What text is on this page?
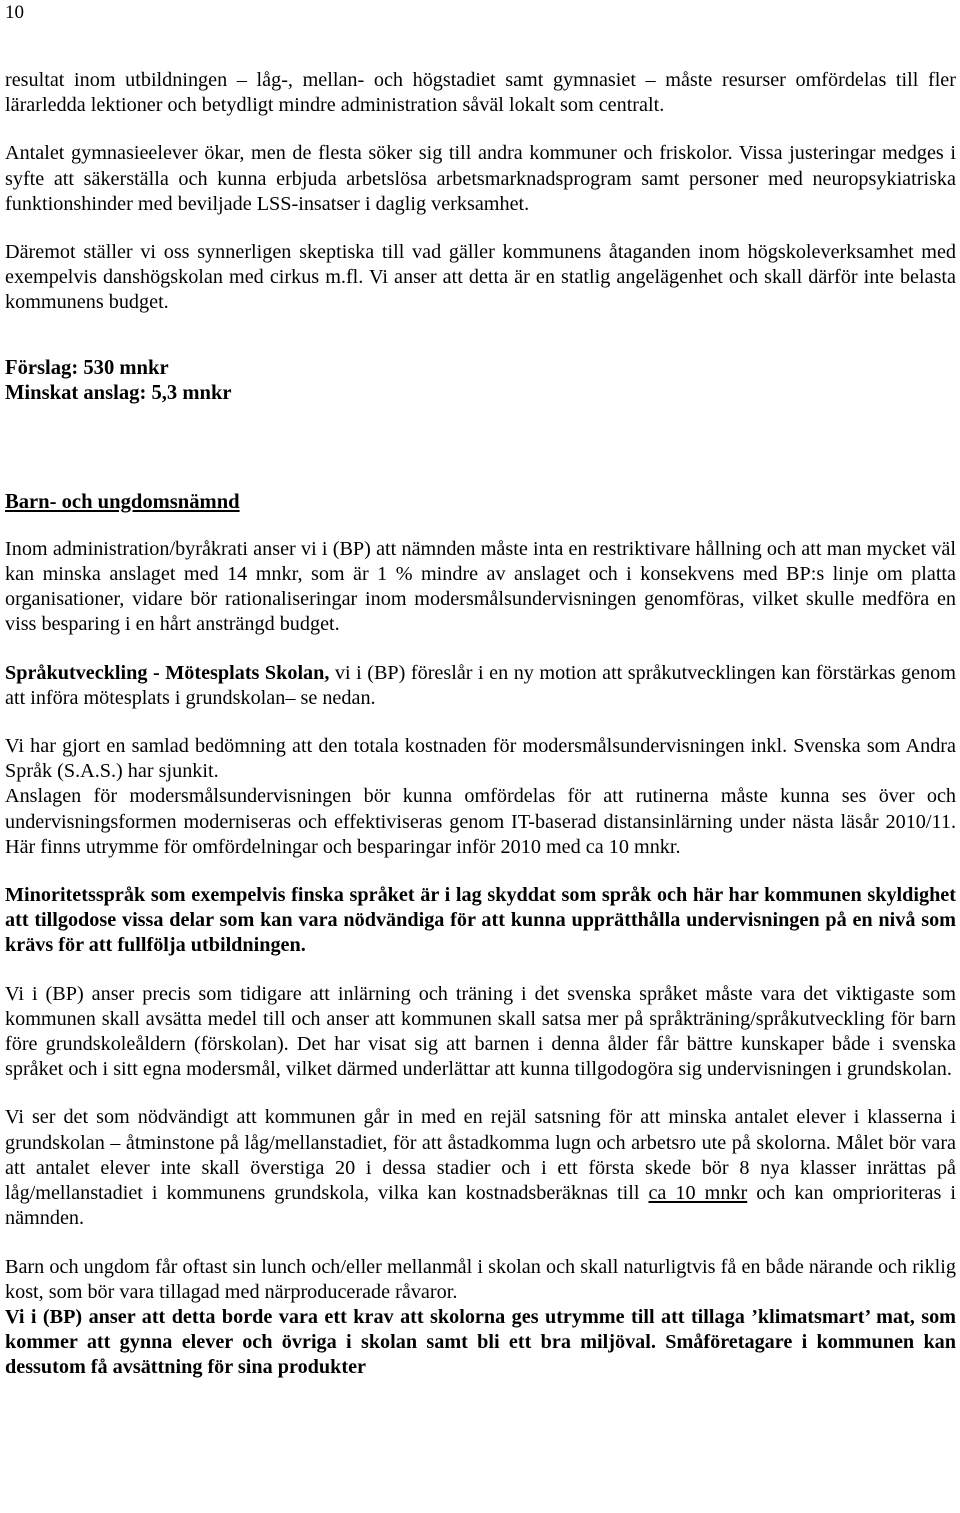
10

resultat inom utbildningen – låg-, mellan- och högstadiet samt gymnasiet – måste resurser omfördelas till fler lärarledda lektioner och betydligt mindre administration såväl lokalt som centralt.

Antalet gymnasieelever ökar, men de flesta söker sig till andra kommuner och friskolor. Vissa justeringar medges i syfte att säkerställa och kunna erbjuda arbetslösa arbetsmarknadsprogram samt personer med neuropsykiatriska funktionshinder med beviljade LSS-insatser i daglig verksamhet.

Däremot ställer vi oss synnerligen skeptiska till vad gäller kommunens åtaganden inom högskoleverksamhet med exempelvis danshögskolan med cirkus m.fl. Vi anser att detta är en statlig angelägenhet och skall därför inte belasta kommunens budget.

Förslag: 530 mnkr

Minskat anslag: 5,3 mnkr

Barn- och ungdomsnämnd

Inom administration/byråkrati anser vi i (BP) att nämnden måste inta en restriktivare hållning och att man mycket väl kan minska anslaget med 14 mnkr, som är 1 % mindre av anslaget och i konsekvens med BP:s linje om platta organisationer, vidare bör rationaliseringar inom modersmålsundervisningen genomföras, vilket skulle medföra en viss besparing i en hårt ansträngd budget.

Språkutveckling - Mötesplats Skolan, vi i (BP) föreslår i en ny motion att språkutvecklingen kan förstärkas genom att införa mötesplats i grundskolan– se nedan.

Vi har gjort en samlad bedömning att den totala kostnaden för modersmålsundervisningen inkl. Svenska som Andra Språk (S.A.S.) har sjunkit.

Anslagen för modersmålsundervisningen bör kunna omfördelas för att rutinerna måste kunna ses över och undervisningsformen moderniseras och effektiviseras genom IT-baserad distansinlärning under nästa läsår 2010/11. Här finns utrymme för omfördelningar och besparingar inför 2010 med ca 10 mnkr.

Minoritetsspråk som exempelvis finska språket är i lag skyddat som språk och här har kommunen skyldighet att tillgodose vissa delar som kan vara nödvändiga för att kunna upprätthålla undervisningen på en nivå som krävs för att fullfölja utbildningen.

Vi i (BP) anser precis som tidigare att inlärning och träning i det svenska språket måste vara det viktigaste som kommunen skall avsätta medel till och anser att kommunen skall satsa mer på språkträning/språkutveckling för barn före grundskoleåldern (förskolan). Det har visat sig att barnen i denna ålder får bättre kunskaper både i svenska språket och i sitt egna modersmål, vilket därmed underlättar att kunna tillgodogöra sig undervisningen i grundskolan.

Vi ser det som nödvändigt att kommunen går in med en rejäl satsning för att minska antalet elever i klasserna i grundskolan – åtminstone på låg/mellanstadiet, för att åstadkomma lugn och arbetsro ute på skolorna. Målet bör vara att antalet elever inte skall överstiga 20 i dessa stadier och i ett första skede bör 8 nya klasser inrättas på låg/mellanstadiet i kommunens grundskola, vilka kan kostnadsberäknas till ca 10 mnkr och kan omprioriteras i nämnden.

Barn och ungdom får oftast sin lunch och/eller mellanmål i skolan och skall naturligtvis få en både närande och riklig kost, som bör vara tillagad med närproducerade råvaror.

Vi i (BP) anser att detta borde vara ett krav att skolorna ges utrymme till att tillaga ’klimatsmart’ mat, som kommer att gynna elever och övriga i skolan samt bli ett bra miljöval. Småföretagare i kommunen kan dessutom få avsättning för sina produkter
